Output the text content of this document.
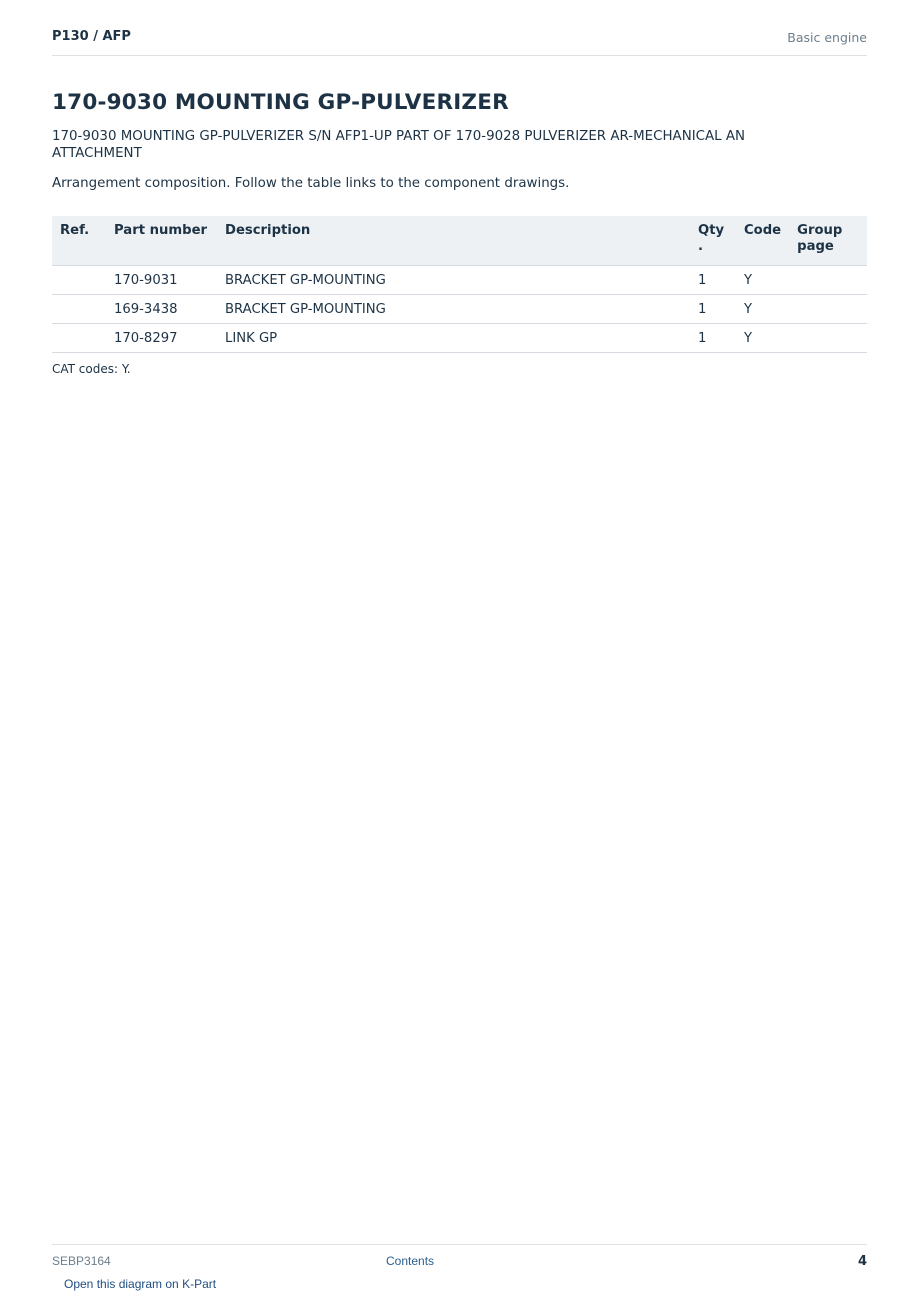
P130 / AFP	Basic engine
170-9030 MOUNTING GP-PULVERIZER
170-9030 MOUNTING GP-PULVERIZER S/N AFP1-UP PART OF 170-9028 PULVERIZER AR-MECHANICAL AN ATTACHMENT
Arrangement composition. Follow the table links to the component drawings.
Ref.	Part number	Description	Qty .	Code	Group page
	170-9031	BRACKET GP-MOUNTING	1	Y	
	169-3438	BRACKET GP-MOUNTING	1	Y	
	170-8297	LINK GP	1	Y	
CAT codes: Y.
SEBP3164	Contents	4
Open this diagram on K-Part
